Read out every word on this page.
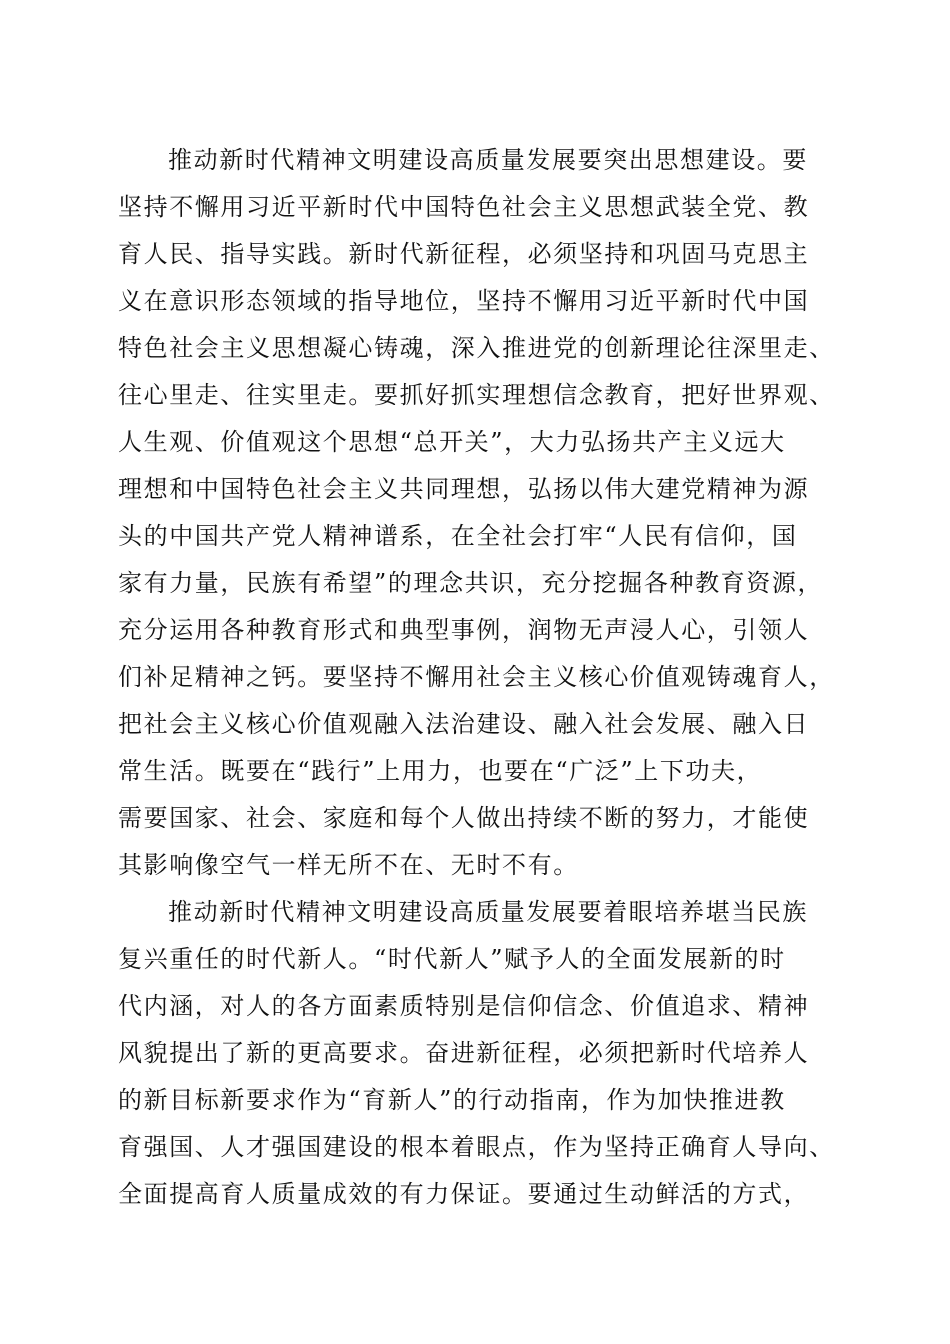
推动新时代精神文明建设高质量发展要突出思想建设。要
坚持不懈用习近平新时代中国特色社会主义思想武装全党、教
育人民、指导实践。新时代新征程，必须坚持和巩固马克思主
义在意识形态领域的指导地位，坚持不懈用习近平新时代中国
特色社会主义思想凝心铸魂，深入推进党的创新理论往深里走、
往心里走、往实里走。要抓好抓实理想信念教育，把好世界观、
人生观、价值观这个思想“总开关”，大力弘扬共产主义远大
理想和中国特色社会主义共同理想，弘扬以伟大建党精神为源
头的中国共产党人精神谱系，在全社会打牢“人民有信仰，国
家有力量，民族有希望”的理念共识，充分挖掘各种教育资源，
充分运用各种教育形式和典型事例，润物无声浸人心，引领人
们补足精神之钙。要坚持不懈用社会主义核心价值观铸魂育人，
把社会主义核心价值观融入法治建设、融入社会发展、融入日
常生活。既要在“践行”上用力，也要在“广泛”上下功夫，
需要国家、社会、家庭和每个人做出持续不断的努力，才能使
其影响像空气一样无所不在、无时不有。
推动新时代精神文明建设高质量发展要着眼培养堪当民族
复兴重任的时代新人。“时代新人”赋予人的全面发展新的时
代内涵，对人的各方面素质特别是信仰信念、价值追求、精神
风貌提出了新的更高要求。奋进新征程，必须把新时代培养人
的新目标新要求作为“育新人”的行动指南，作为加快推进教
育强国、人才强国建设的根本着眼点，作为坚持正确育人导向、
全面提高育人质量成效的有力保证。要通过生动鲜活的方式，
